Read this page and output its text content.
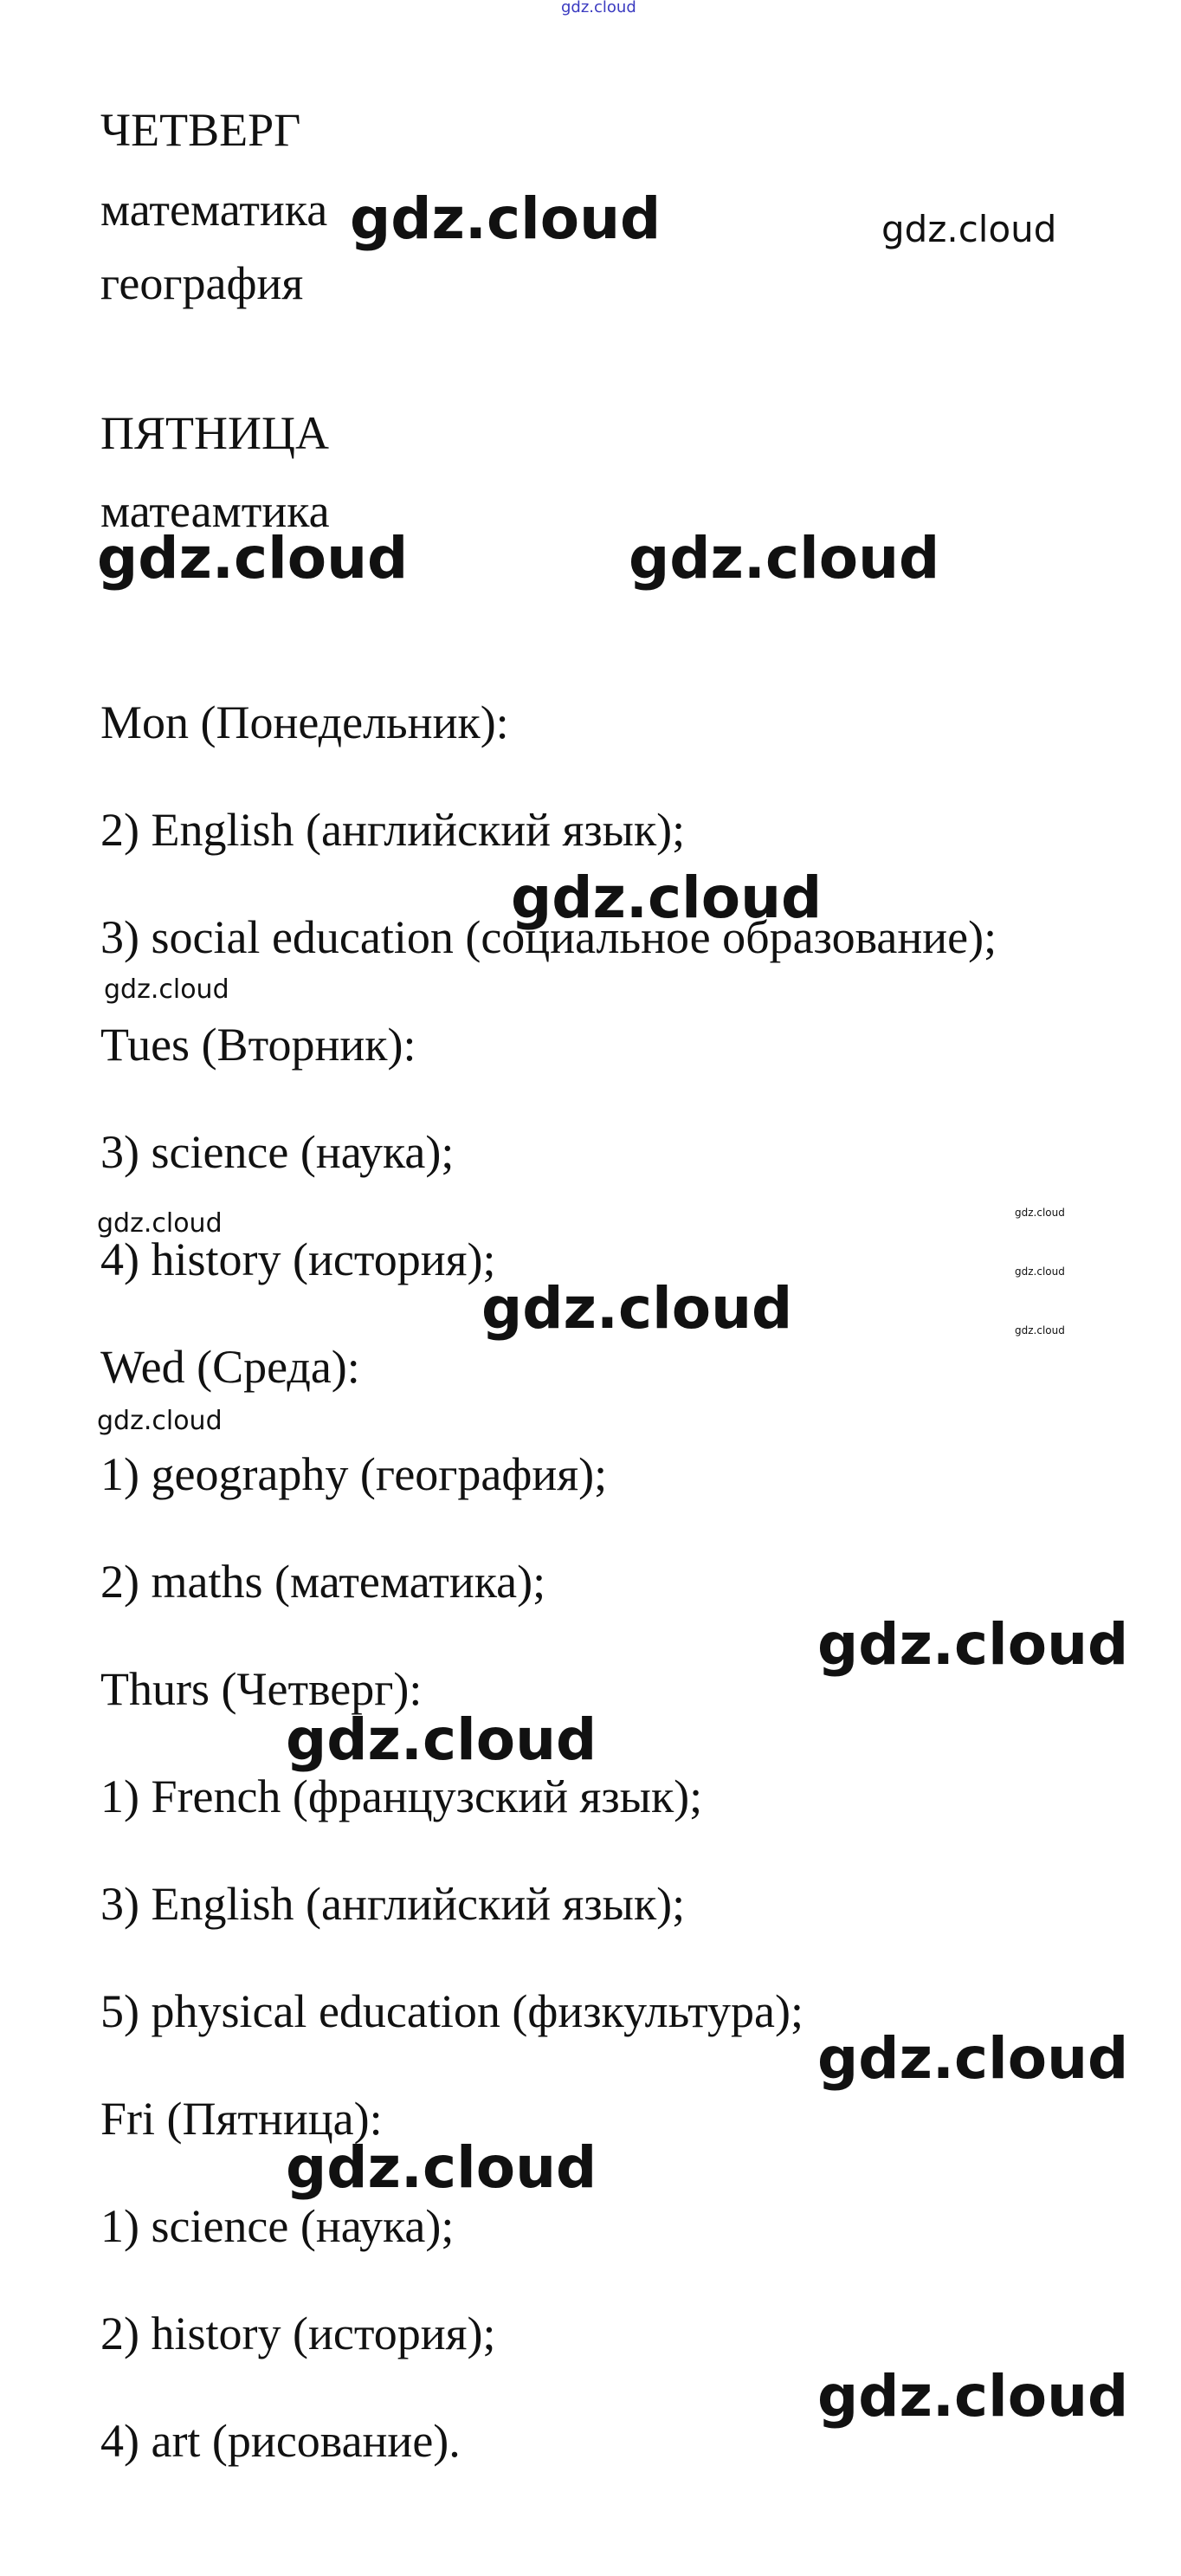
gdz.cloud

ЧЕТВЕРГ

математика

география

ПЯТНИЦА

матеамтика

Mon (Понедельник):

2) English (английский язык);

3) social education (социальное образование);

Tues (Вторник):

3) science (наука);

4) history (история);

Wed (Среда):

1) geography (география);

2) maths (математика);

Thurs (Четверг):

1) French (французский язык);

3) English (английский язык);

5) physical education (физкультура);

Fri (Пятница):

1) science (наука);

2) history (история);

4) art (рисование).

gdz.cloud	gdz.cloud

gdz.cloud	gdz.cloud

gdz.cloud

gdz.cloud

gdz.cloud	gdz.cloud

gdz.cloud

gdz.cloud

gdz.cloud

gdz.cloud

gdz.cloud

gdz.cloud

gdz.cloud

gdz.cloud

gdz.cloud
